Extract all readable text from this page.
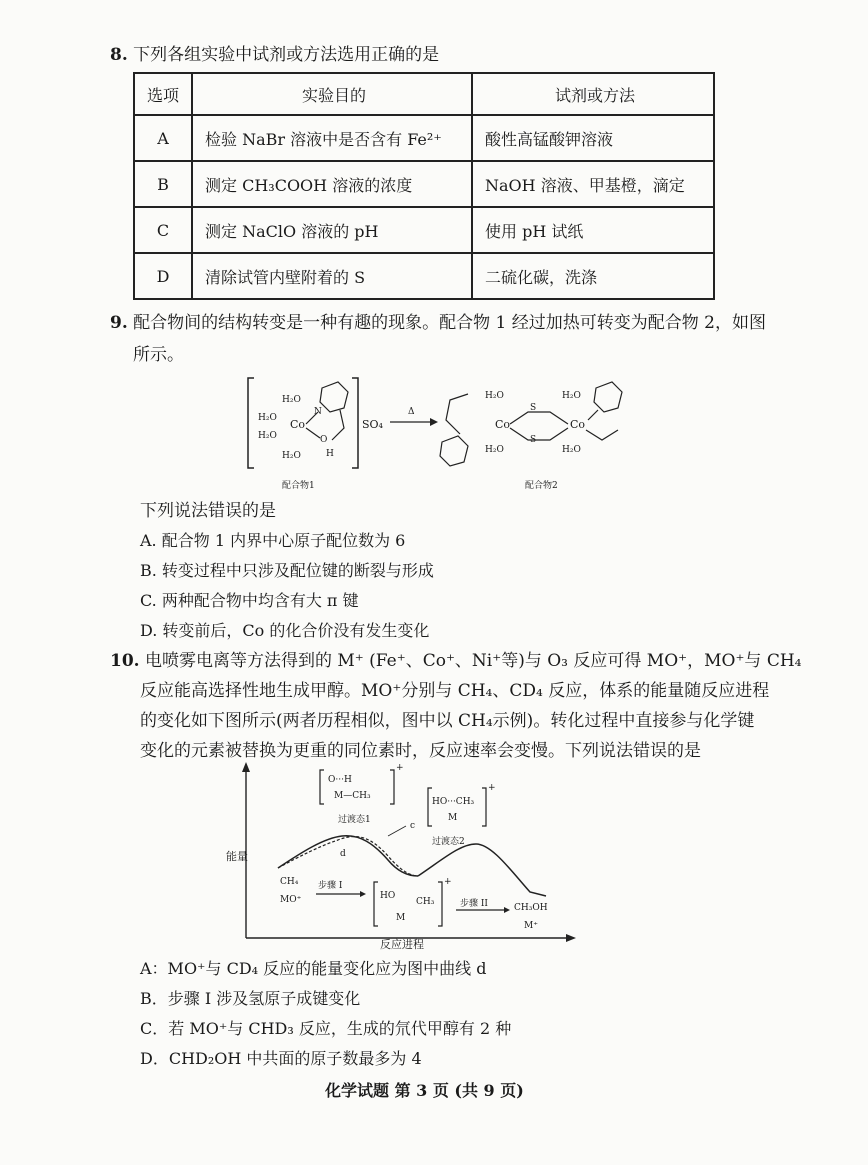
8. 下列各组实验中试剂或方法选用正确的是
选项	实验目的	试剂或方法
A	检验 NaBr 溶液中是否含有 Fe²⁺	酸性高锰酸钾溶液
B	测定 CH₃COOH 溶液的浓度	NaOH 溶液、甲基橙，滴定
C	测定 NaClO 溶液的 pH	使用 pH 试纸
D	清除试管内壁附着的 S	二硫化碳，洗涤
9. 配合物间的结构转变是一种有趣的现象。配合物 1 经过加热可转变为配合物 2，如图
所示。
H₂O
H₂O
H₂O
H₂O
Co
N
O
H
SO₄
Δ
Co	Co
S
S
H₂O
H₂O
H₂O
H₂O
配合物1	配合物2
下列说法错误的是
A. 配合物 1 内界中心原子配位数为 6
B. 转变过程中只涉及配位键的断裂与形成
C. 两种配合物中均含有大 π 键
D. 转变前后，Co 的化合价没有发生变化
10. 电喷雾电离等方法得到的 M⁺ (Fe⁺、Co⁺、Ni⁺等)与 O₃ 反应可得 MO⁺，MO⁺与 CH₄
反应能高选择性地生成甲醇。MO⁺分别与 CH₄、CD₄ 反应，体系的能量随反应进程
的变化如下图所示(两者历程相似，图中以 CH₄示例)。转化过程中直接参与化学键
变化的元素被替换为更重的同位素时，反应速率会变慢。下列说法错误的是
能量
反应进程
O···H
M—CH₃
+
过渡态1
c
d
HO···CH₃
M
+
过渡态2
CH₄
MO⁺
步骤 I
HO
CH₃
M
+
步骤 II	CH₃OH
M⁺
A：MO⁺与 CD₄ 反应的能量变化应为图中曲线 d
B．步骤 I 涉及氢原子成键变化
C．若 MO⁺与 CHD₃ 反应，生成的氘代甲醇有 2 种
D．CHD₂OH 中共面的原子数最多为 4
化学试题 第 3 页 (共 9 页)
